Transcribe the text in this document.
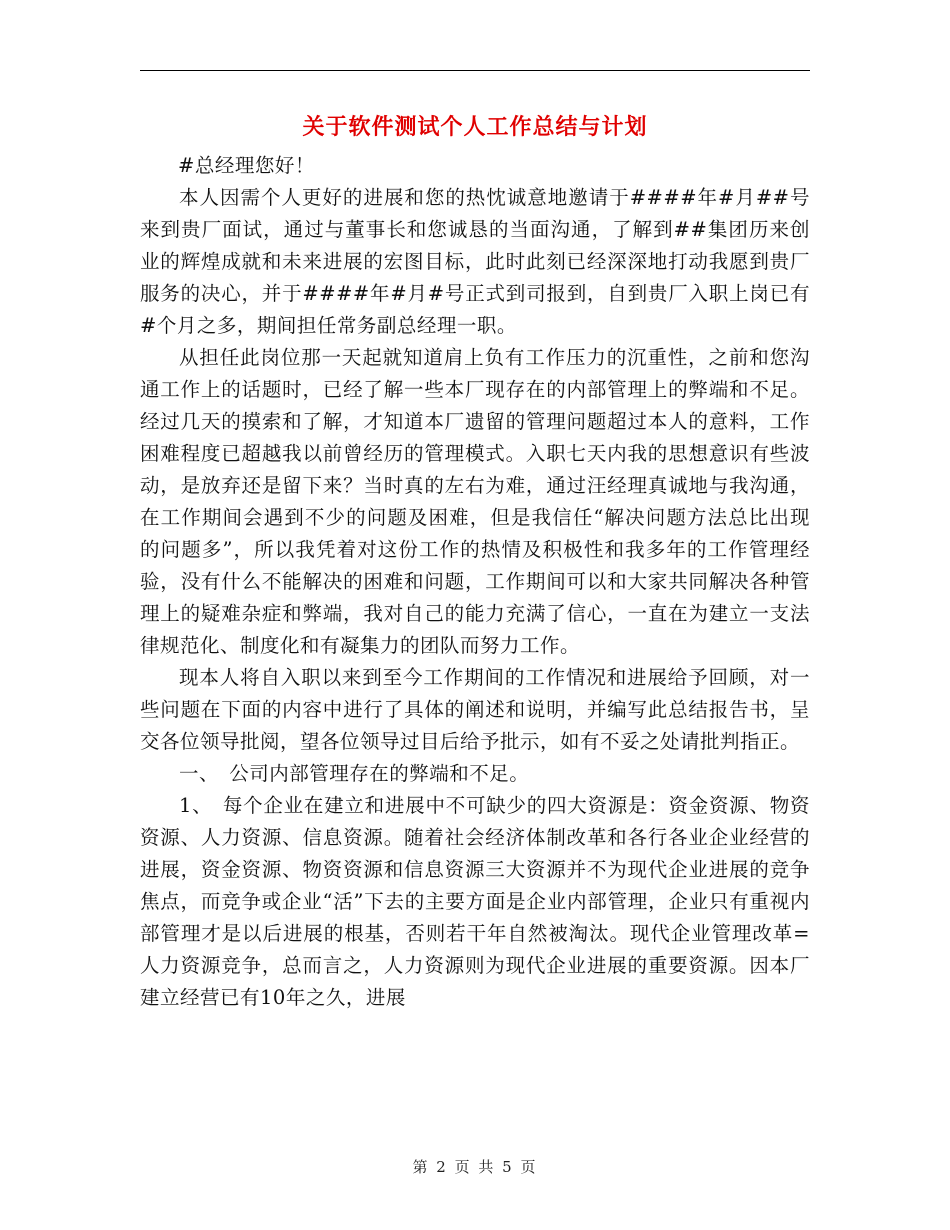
关于软件测试个人工作总结与计划

#总经理您好！

本人因需个人更好的进展和您的热忱诚意地邀请于####年#月##号来到贵厂面试，通过与董事长和您诚恳的当面沟通，了解到##集团历来创业的辉煌成就和未来进展的宏图目标，此时此刻已经深深地打动我愿到贵厂服务的决心，并于####年#月#号正式到司报到，自到贵厂入职上岗已有#个月之多，期间担任常务副总经理一职。

从担任此岗位那一天起就知道肩上负有工作压力的沉重性，之前和您沟通工作上的话题时，已经了解一些本厂现存在的内部管理上的弊端和不足。经过几天的摸索和了解，才知道本厂遗留的管理问题超过本人的意料，工作困难程度已超越我以前曾经历的管理模式。入职七天内我的思想意识有些波动，是放弃还是留下来？当时真的左右为难，通过汪经理真诚地与我沟通，在工作期间会遇到不少的问题及困难，但是我信任“解决问题方法总比出现的问题多”，所以我凭着对这份工作的热情及积极性和我多年的工作管理经验，没有什么不能解决的困难和问题，工作期间可以和大家共同解决各种管理上的疑难杂症和弊端，我对自己的能力充满了信心，一直在为建立一支法律规范化、制度化和有凝集力的团队而努力工作。

现本人将自入职以来到至今工作期间的工作情况和进展给予回顾，对一些问题在下面的内容中进行了具体的阐述和说明，并编写此总结报告书，呈交各位领导批阅，望各位领导过目后给予批示，如有不妥之处请批判指正。

一、　公司内部管理存在的弊端和不足。

1、　每个企业在建立和进展中不可缺少的四大资源是：资金资源、物资资源、人力资源、信息资源。随着社会经济体制改革和各行各业企业经营的进展，资金资源、物资资源和信息资源三大资源并不为现代企业进展的竞争焦点，而竞争或企业“活”下去的主要方面是企业内部管理，企业只有重视内部管理才是以后进展的根基，否则若干年自然被淘汰。现代企业管理改革=人力资源竞争，总而言之，人力资源则为现代企业进展的重要资源。因本厂建立经营已有10年之久，进展

第 2 页 共 5 页
